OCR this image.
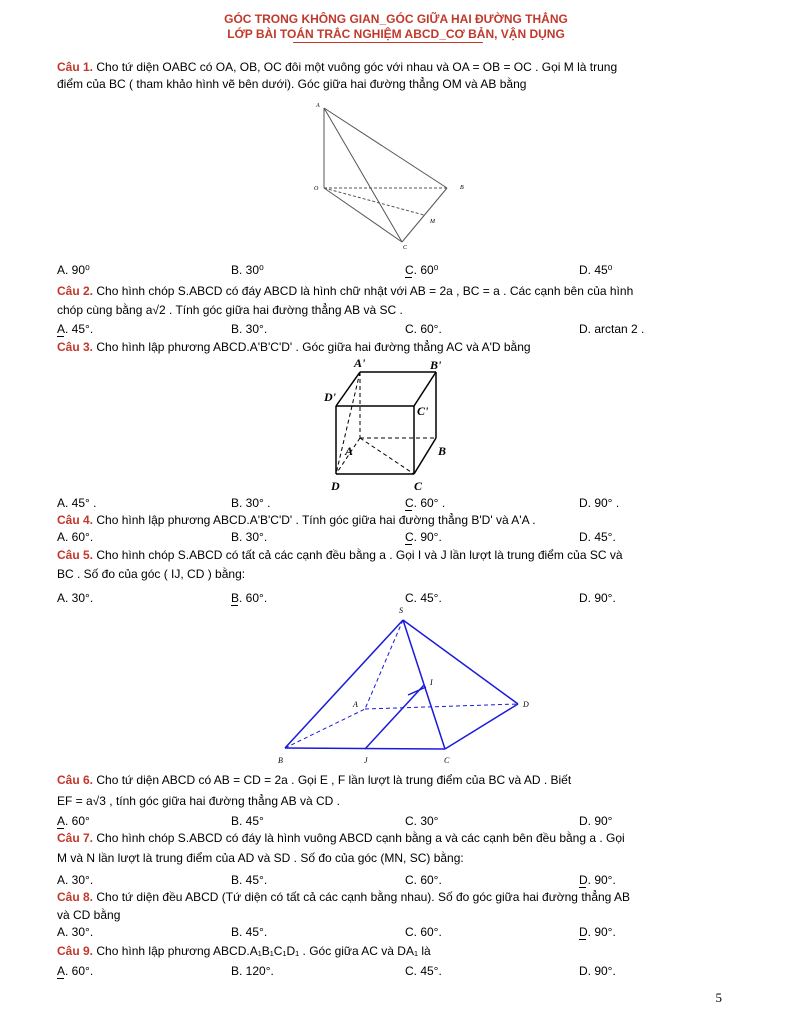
GÓC TRONG KHÔNG GIAN_GÓC GIỮA HAI ĐƯỜNG THẲNG
LỚP BÀI TOÁN TRẮC NGHIỆM ABCD_CƠ BẢN, VẬN DỤNG
Câu 1. Cho tứ diện OABC có OA, OB, OC đôi một vuông góc với nhau và OA = OB = OC . Gọi M là trung
điểm của BC ( tham khảo hình vẽ bên dưới). Góc giữa hai đường thẳng OM và AB bằng
A
O	B
M
C
A. 90⁰	B. 30⁰	C. 60⁰	D. 45⁰
Câu 2. Cho hình chóp S.ABCD có đáy ABCD là hình chữ nhật với AB = 2a , BC = a . Các cạnh bên của hình
chóp cùng bằng a√2 . Tính góc giữa hai đường thẳng AB và SC .
A. 45°.	B. 30°.	C. 60°.	D. arctan 2 .
Câu 3. Cho hình lập phương ABCD.A'B'C'D' . Góc giữa hai đường thẳng AC và A'D bằng
A'	B'
D'
C'
A	B
D	C
A. 45° .	B. 30° .	C. 60° .	D. 90° .
Câu 4. Cho hình lập phương ABCD.A'B'C'D' . Tính góc giữa hai đường thẳng B'D' và A'A .
A. 60°.	B. 30°.	C. 90°.	D. 45°.
Câu 5. Cho hình chóp S.ABCD có tất cả các cạnh đều bằng a . Gọi I và J lần lượt là trung điểm của SC và
BC . Số đo của góc ( IJ, CD ) bằng:
A. 30°.	B. 60°.	C. 45°.	D. 90°.
S
I
A	D
B	J	C
Câu 6. Cho tứ diện ABCD có AB = CD = 2a . Gọi E , F lần lượt là trung điểm của BC và AD . Biết
EF = a√3 , tính góc giữa hai đường thẳng AB và CD .
A. 60°	B. 45°	C. 30°	D. 90°
Câu 7. Cho hình chóp S.ABCD có đáy là hình vuông ABCD cạnh bằng a và các cạnh bên đều bằng a . Gọi
M và N lần lượt là trung điểm của AD và SD . Số đo của góc (MN, SC) bằng:
A. 30°.	B. 45°.	C. 60°.	D. 90°.
Câu 8. Cho tứ diện đều ABCD (Tứ diện có tất cả các cạnh bằng nhau). Số đo góc giữa hai đường thẳng AB
và CD bằng
A. 30°.	B. 45°.	C. 60°.	D. 90°.
Câu 9. Cho hình lập phương ABCD.A₁B₁C₁D₁ . Góc giữa AC và DA₁ là
A. 60°.	B. 120°.	C. 45°.	D. 90°.
5
